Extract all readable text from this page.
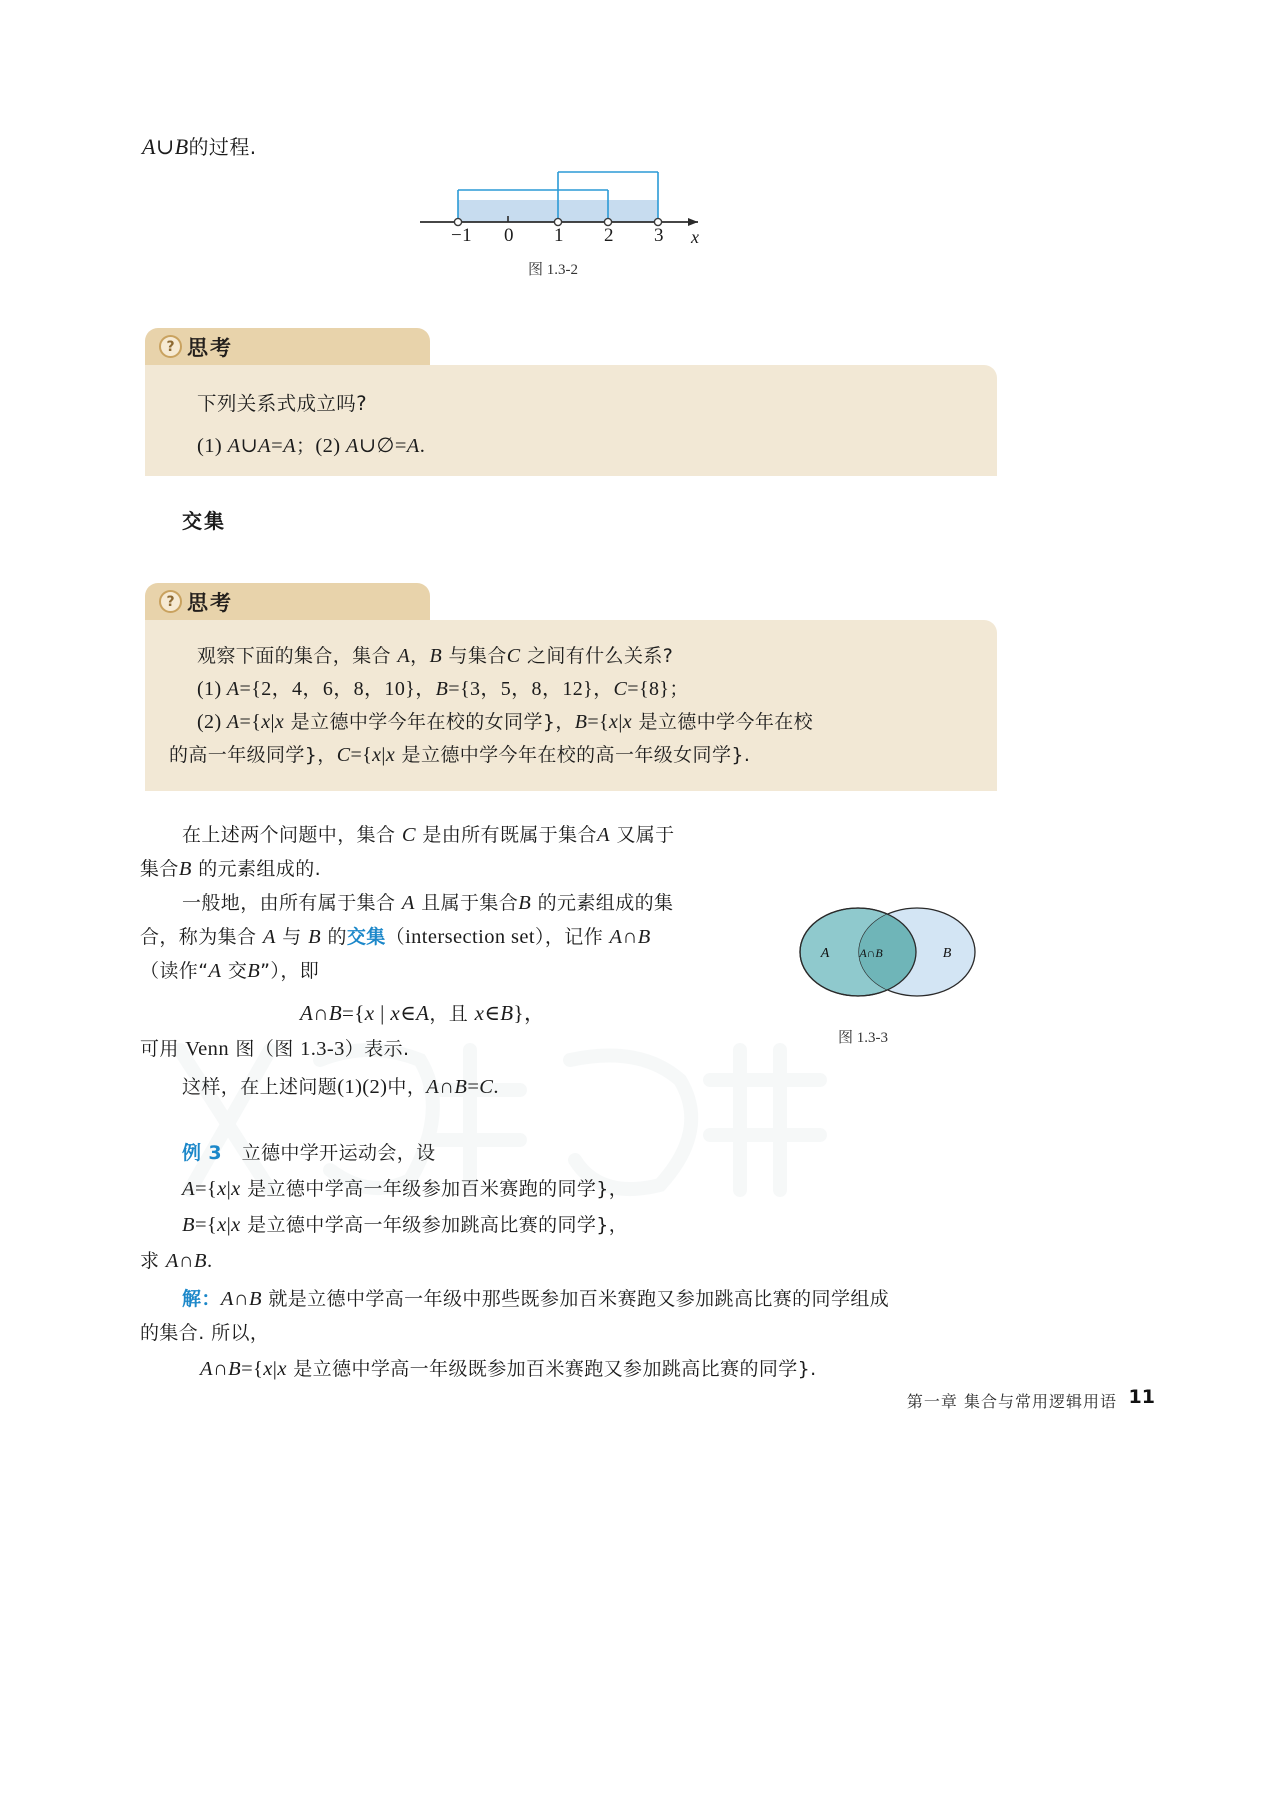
A∪B的过程.
−1 0 1 2 3 x
图 1.3-2
? 思考
下列关系式成立吗?
(1) A∪A=A；(2) A∪∅=A.
交集
? 思考
观察下面的集合，集合 A，B 与集合C 之间有什么关系?
(1) A={2，4，6，8，10}，B={3，5，8，12}，C={8}；
(2) A={x|x 是立德中学今年在校的女同学}，B={x|x 是立德中学今年在校
的高一年级同学}，C={x|x 是立德中学今年在校的高一年级女同学}.
在上述两个问题中，集合 C 是由所有既属于集合A 又属于
集合B 的元素组成的.
一般地，由所有属于集合 A 且属于集合B 的元素组成的集
合，称为集合 A 与 B 的交集（intersection set），记作 A∩B
（读作“A 交B”），即
A∩B={x | x∈A，且 x∈B}，
可用 Venn 图（图 1.3-3）表示.
这样，在上述问题(1)(2)中，A∩B=C.
A	A∩B	B
图 1.3-3
例 3 立德中学开运动会，设
A={x|x 是立德中学高一年级参加百米赛跑的同学}，
B={x|x 是立德中学高一年级参加跳高比赛的同学}，
求 A∩B.
解：A∩B 就是立德中学高一年级中那些既参加百米赛跑又参加跳高比赛的同学组成
的集合. 所以，
A∩B={x|x 是立德中学高一年级既参加百米赛跑又参加跳高比赛的同学}.
第一章 集合与常用逻辑用语 11
